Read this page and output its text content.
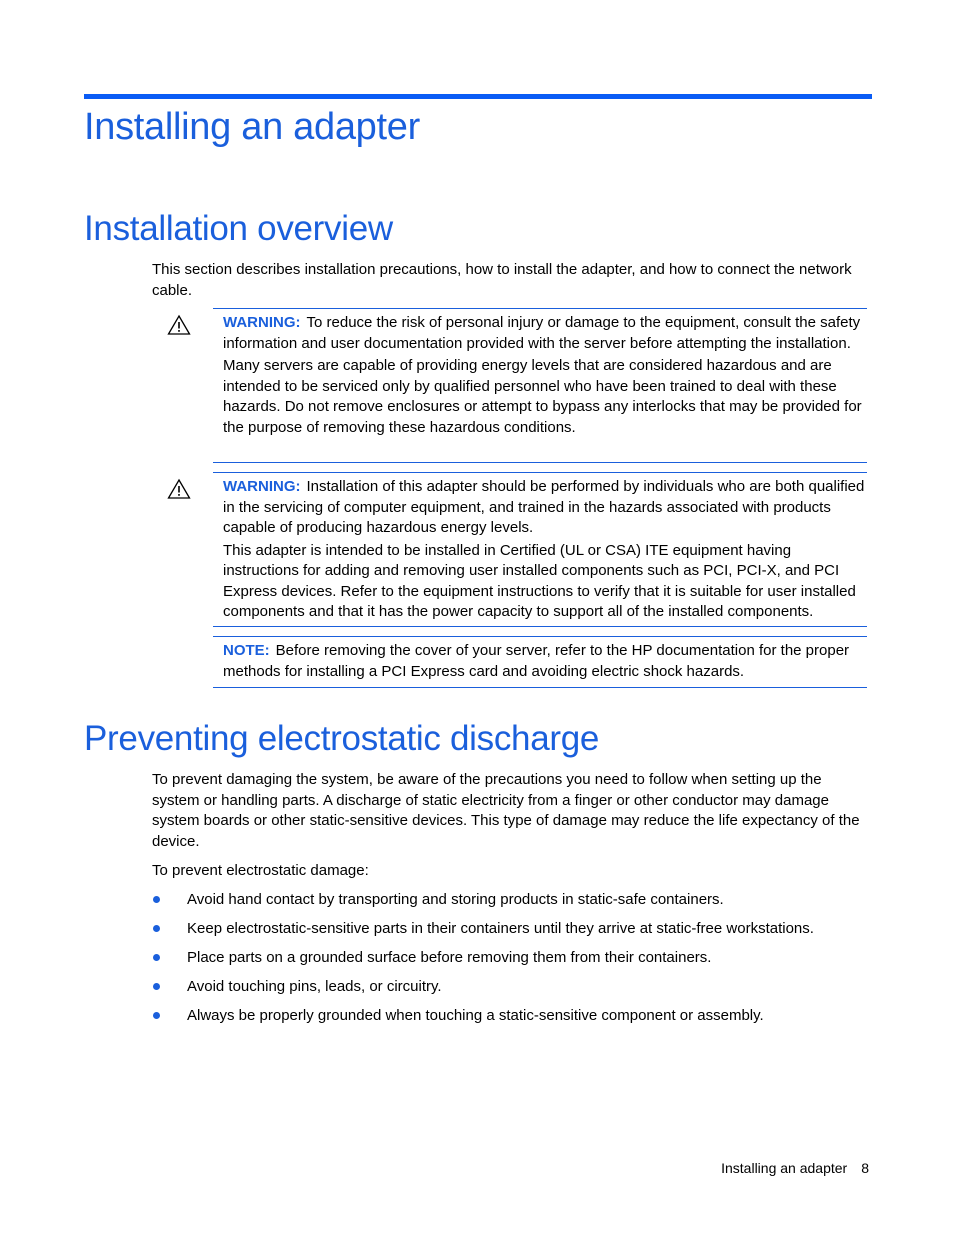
Installing an adapter
Installation overview

This section describes installation precautions, how to install the adapter, and how to connect the network cable.

WARNING: To reduce the risk of personal injury or damage to the equipment, consult the safety information and user documentation provided with the server before attempting the installation.

Many servers are capable of providing energy levels that are considered hazardous and are intended to be serviced only by qualified personnel who have been trained to deal with these hazards. Do not remove enclosures or attempt to bypass any interlocks that may be provided for the purpose of removing these hazardous conditions.

WARNING: Installation of this adapter should be performed by individuals who are both qualified in the servicing of computer equipment, and trained in the hazards associated with products capable of producing hazardous energy levels.

This adapter is intended to be installed in Certified (UL or CSA) ITE equipment having instructions for adding and removing user installed components such as PCI, PCI-X, and PCI Express devices. Refer to the equipment instructions to verify that it is suitable for user installed components and that it has the power capacity to support all of the installed components.

NOTE: Before removing the cover of your server, refer to the HP documentation for the proper methods for installing a PCI Express card and avoiding electric shock hazards.

Preventing electrostatic discharge

To prevent damaging the system, be aware of the precautions you need to follow when setting up the system or handling parts. A discharge of static electricity from a finger or other conductor may damage system boards or other static-sensitive devices. This type of damage may reduce the life expectancy of the device.

To prevent electrostatic damage:

Avoid hand contact by transporting and storing products in static-safe containers.
Keep electrostatic-sensitive parts in their containers until they arrive at static-free workstations.
Place parts on a grounded surface before removing them from their containers.
Avoid touching pins, leads, or circuitry.
Always be properly grounded when touching a static-sensitive component or assembly.
Installing an adapter 8
